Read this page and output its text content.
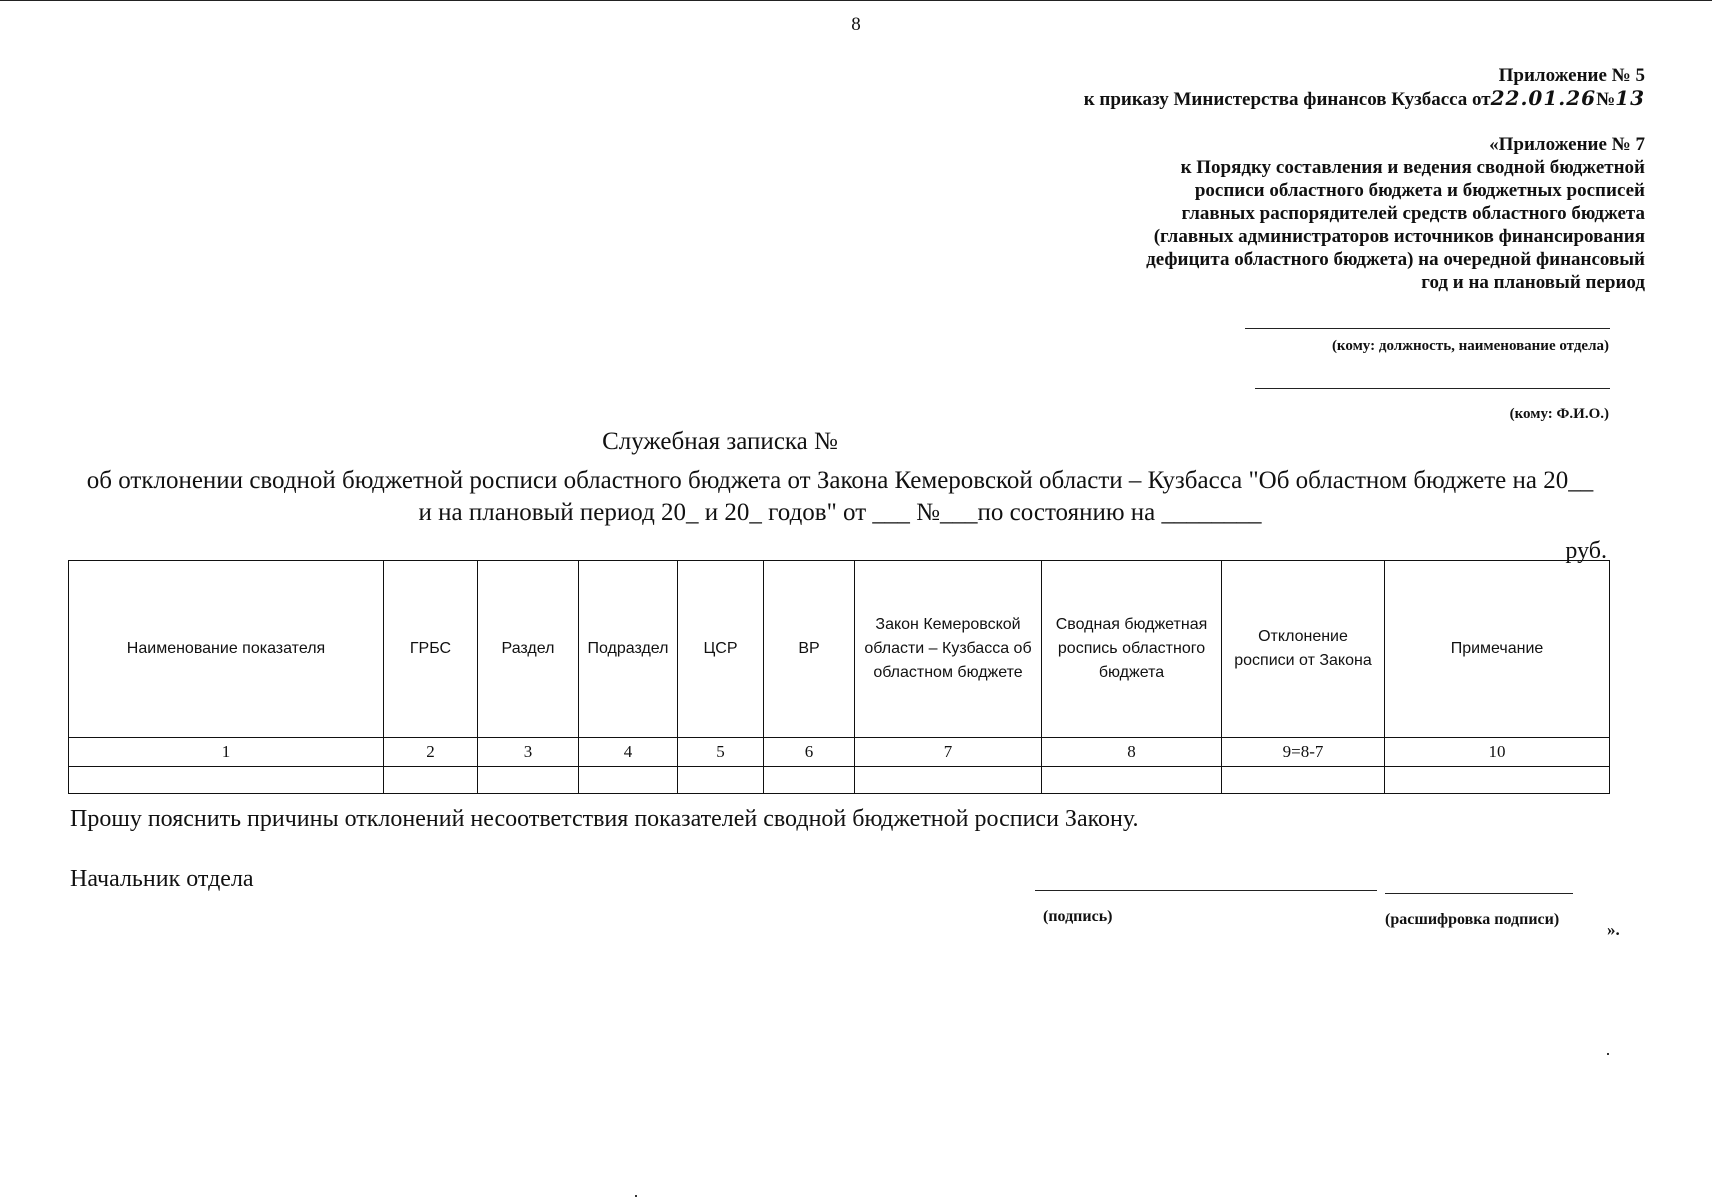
8
Приложение № 5
к приказу Министерства финансов Кузбасса от22.01.26№13
«Приложение № 7
к Порядку составления и ведения сводной бюджетной
росписи областного бюджета и бюджетных росписей
главных распорядителей средств областного бюджета
(главных администраторов источников финансирования
дефицита областного бюджета) на очередной финансовый
год и на плановый период
(кому: должность, наименование отдела)
(кому: Ф.И.О.)
Служебная записка №
об отклонении сводной бюджетной росписи областного бюджета от Закона Кемеровской области – Кузбасса "Об областном бюджете на 20__
и на плановый период 20_ и 20_ годов" от ___ №___по состоянию на ________
руб.
Наименование показателя	ГРБС	Раздел	Подраздел	ЦСР	ВР	Закон Кемеровской области – Кузбасса об областном бюджете	Сводная бюджетная роспись областного бюджета	Отклонение росписи от Закона	Примечание
1	2	3	4	5	6	7	8	9=8-7	10

Прошу пояснить причины отклонений несоответствия показателей сводной бюджетной росписи Закону.
Начальник отдела
(подпись)	(расшифровка подписи)
».
